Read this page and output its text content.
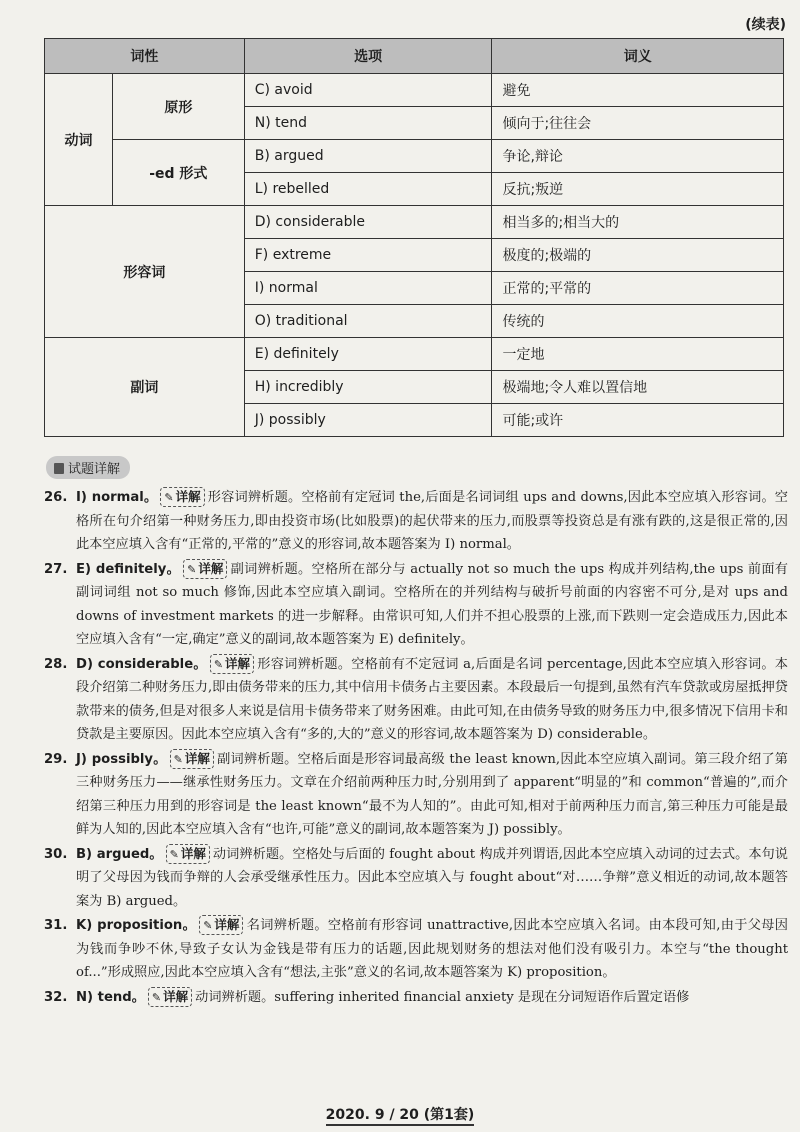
(续表)
词性		选项	词义
动词	原形	C) avoid	避免
		N) tend	倾向于;往往会
	-ed 形式	B) argued	争论,辩论
		L) rebelled	反抗;叛逆
形容词		D) considerable	相当多的;相当大的
		F) extreme	极度的;极端的
		I) normal	正常的;平常的
		O) traditional	传统的
副词		E) definitely	一定地
		H) incredibly	极端地;令人难以置信地
		J) possibly	可能;或许
试题详解
26. I) normal。 ✎ 详解 形容词辨析题。空格前有定冠词 the,后面是名词词组 ups and downs,因此本空应填入形容词。空格所在句介绍第一种财务压力,即由投资市场(比如股票)的起伏带来的压力,而股票等投资总是有涨有跌的,这是很正常的,因此本空应填入含有“正常的,平常的”意义的形容词,故本题答案为 I) normal。
27. E) definitely。 ✎ 详解 副词辨析题。空格所在部分与 actually not so much the ups 构成并列结构,the ups 前面有副词词组 not so much 修饰,因此本空应填入副词。空格所在的并列结构与破折号前面的内容密不可分,是对 ups and downs of investment markets 的进一步解释。由常识可知,人们并不担心股票的上涨,而下跌则一定会造成压力,因此本空应填入含有“一定,确定”意义的副词,故本题答案为 E) definitely。
28. D) considerable。 ✎ 详解 形容词辨析题。空格前有不定冠词 a,后面是名词 percentage,因此本空应填入形容词。本段介绍第二种财务压力,即由债务带来的压力,其中信用卡债务占主要因素。本段最后一句提到,虽然有汽车贷款或房屋抵押贷款带来的债务,但是对很多人来说是信用卡债务带来了财务困难。由此可知,在由债务导致的财务压力中,很多情况下信用卡和贷款是主要原因。因此本空应填入含有“多的,大的”意义的形容词,故本题答案为 D) considerable。
29. J) possibly。 ✎ 详解 副词辨析题。空格后面是形容词最高级 the least known,因此本空应填入副词。第三段介绍了第三种财务压力——继承性财务压力。文章在介绍前两种压力时,分别用到了 apparent“明显的”和 common“普遍的”,而介绍第三种压力用到的形容词是 the least known“最不为人知的”。由此可知,相对于前两种压力而言,第三种压力可能是最鲜为人知的,因此本空应填入含有“也许,可能”意义的副词,故本题答案为 J) possibly。
30. B) argued。 ✎ 详解 动词辨析题。空格处与后面的 fought about 构成并列谓语,因此本空应填入动词的过去式。本句说明了父母因为钱而争辩的人会承受继承性压力。因此本空应填入与 fought about“对……争辩”意义相近的动词,故本题答案为 B) argued。
31. K) proposition。 ✎ 详解 名词辨析题。空格前有形容词 unattractive,因此本空应填入名词。由本段可知,由于父母因为钱而争吵不休,导致子女认为金钱是带有压力的话题,因此规划财务的想法对他们没有吸引力。本空与“the thought of...”形成照应,因此本空应填入含有“想法,主张”意义的名词,故本题答案为 K) proposition。
32. N) tend。 ✎ 详解 动词辨析题。suffering inherited financial anxiety 是现在分词短语作后置定语修
2020. 9 / 20 (第1套)
